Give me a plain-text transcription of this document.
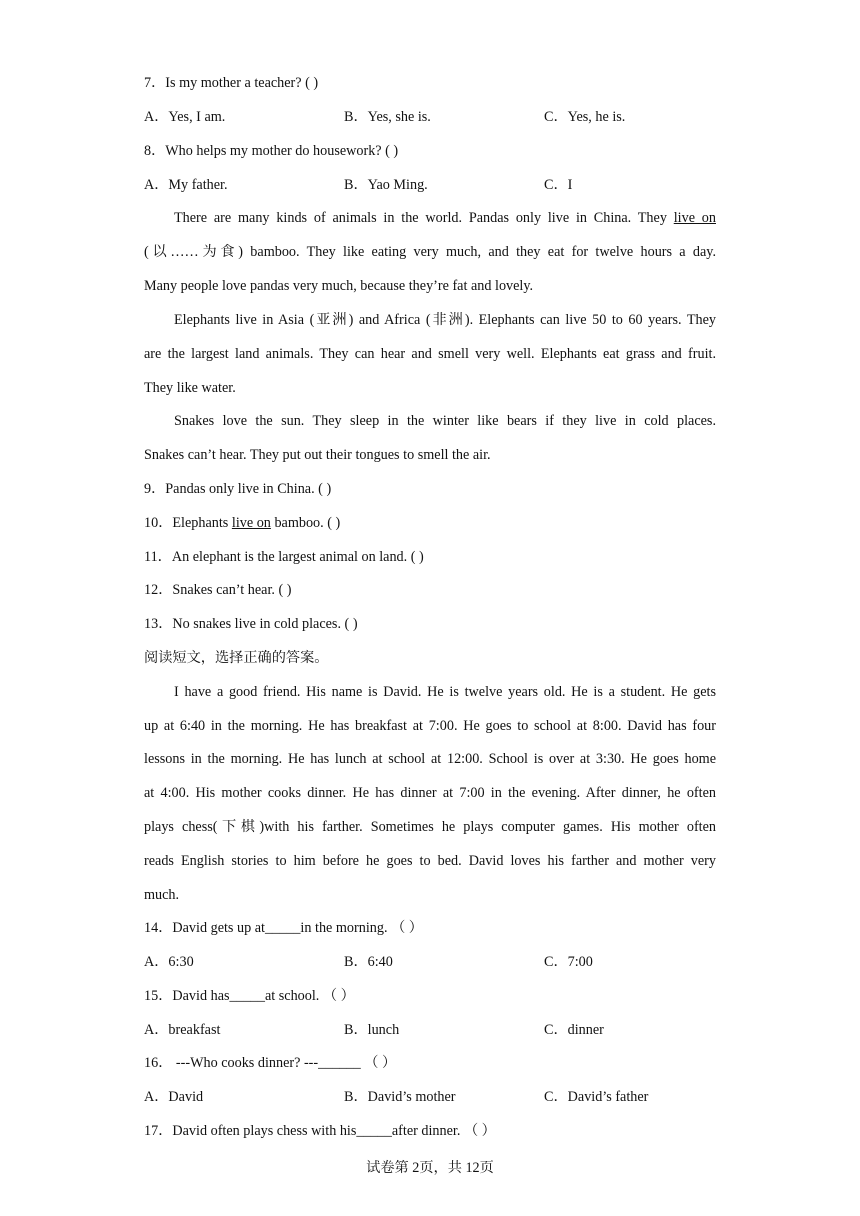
7．Is my mother a teacher? ( )
A．Yes, I am.	B．Yes, she is.	C．Yes, he is.
8．Who helps my mother do housework? ( )
A．My father.	B．Yao Ming.	C．I
There are many kinds of animals in the world. Pandas only live in China. They live on
(以……为食) bamboo. They like eating very much, and they eat for twelve hours a day.
Many people love pandas very much, because they’re fat and lovely.
Elephants live in Asia (亚洲) and Africa (非洲). Elephants can live 50 to 60 years. They
are the largest land animals. They can hear and smell very well. Elephants eat grass and fruit.
They like water.
Snakes love the sun. They sleep in the winter like bears if they live in cold places.
Snakes can’t hear. They put out their tongues to smell the air.
9．Pandas only live in China. ( )
10．Elephants live on bamboo. ( )
11．An elephant is the largest animal on land. ( )
12．Snakes can’t hear. ( )
13．No snakes live in cold places. ( )
阅读短文，选择正确的答案。
I have a good friend. His name is David. He is twelve years old. He is a student. He gets
up at 6:40 in the morning. He has breakfast at 7:00. He goes to school at 8:00. David has four
lessons in the morning. He has lunch at school at 12:00. School is over at 3:30. He goes home
at 4:00. His mother cooks dinner. He has dinner at 7:00 in the evening. After dinner, he often
plays chess(下棋)with his farther. Sometimes he plays computer games. His mother often
reads English stories to him before he goes to bed. David loves his farther and mother very
much.
14．David gets up at_____in the morning. （ ）
A．6:30	B．6:40	C．7:00
15．David has_____at school. （ ）
A．breakfast	B．lunch	C．dinner
16． ---Who cooks dinner? ---______ （ ）
A．David	B．David’s mother	C．David’s father
17．David often plays chess with his_____after dinner. （ ）
试卷第 2页，共 12页
